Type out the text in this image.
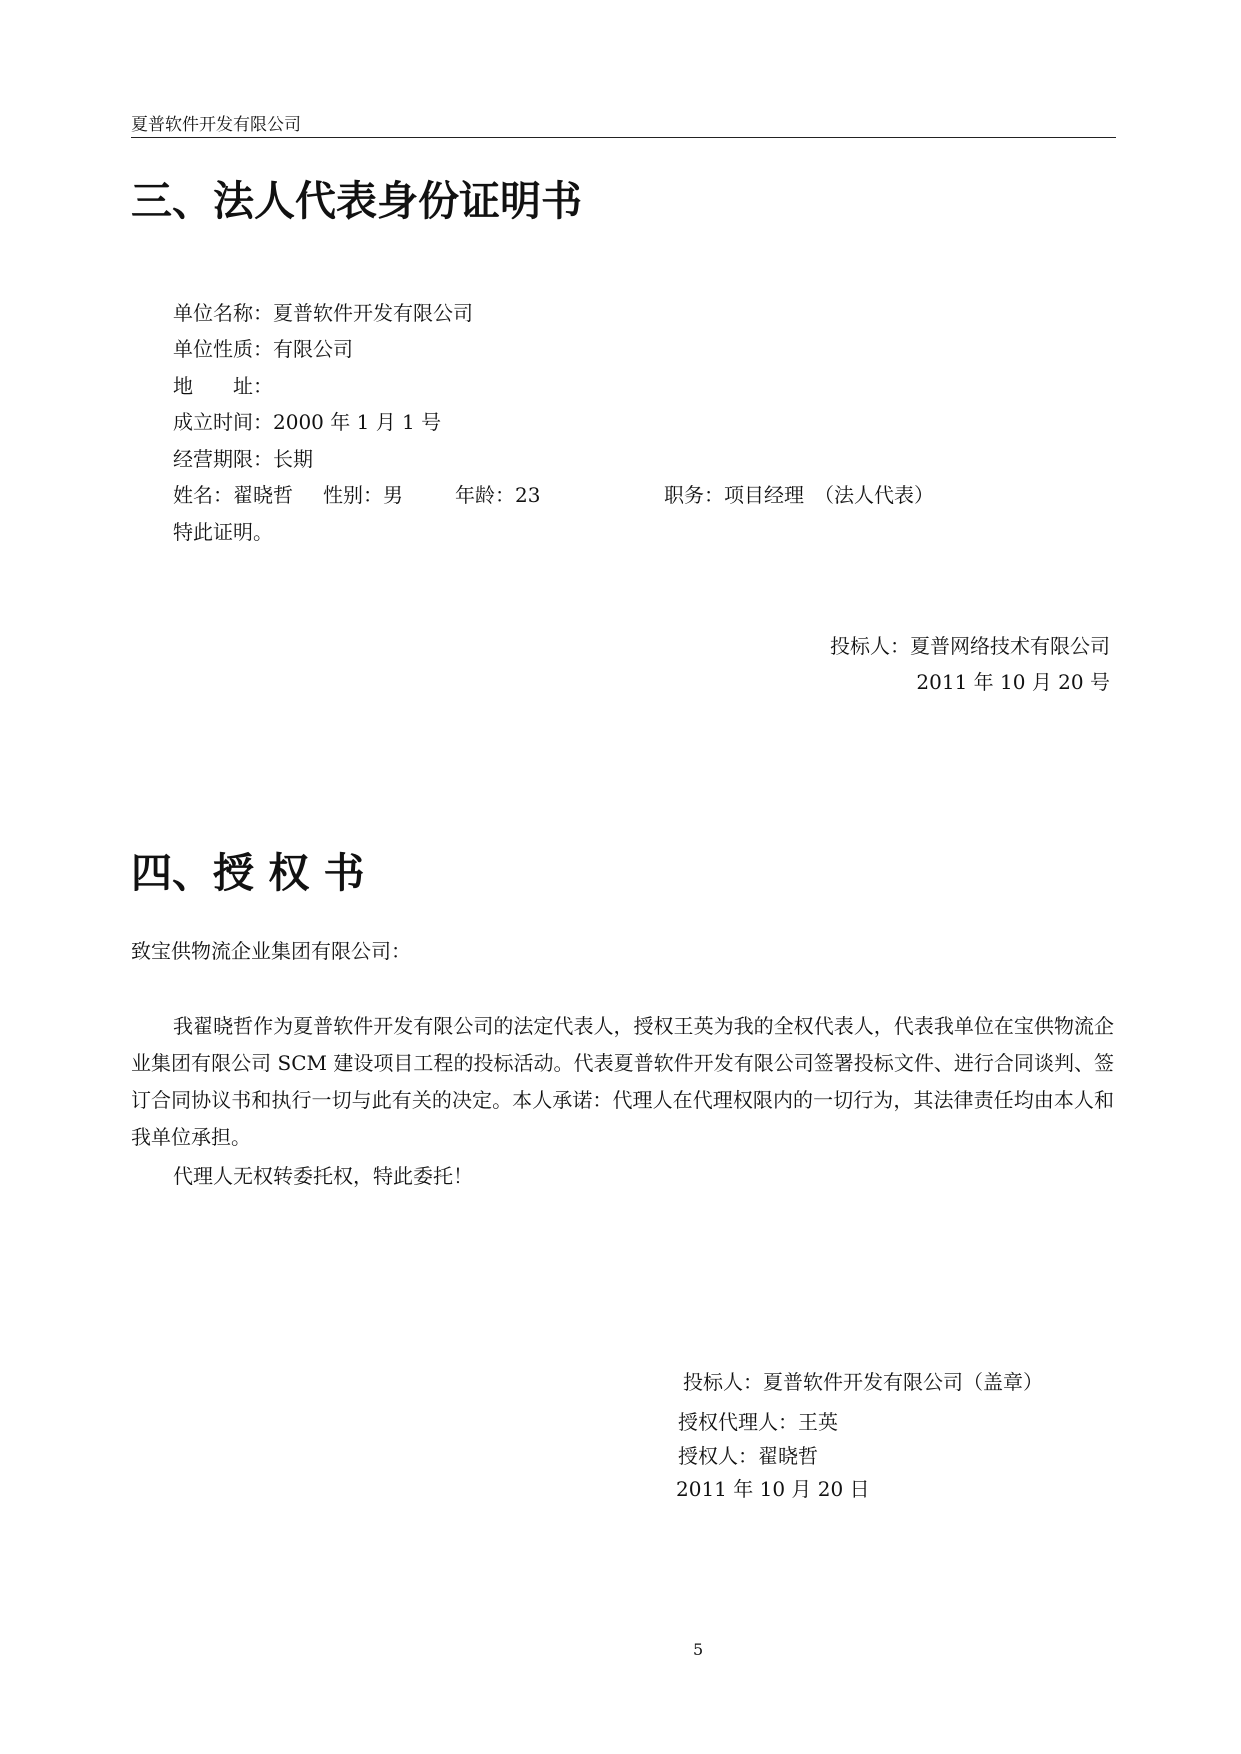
夏普软件开发有限公司
三、法人代表身份证明书
单位名称：夏普软件开发有限公司
单位性质：有限公司
地　　址：
成立时间：2000 年 1 月 1 号
经营期限：长期
姓名：翟晓哲 性别：男	年龄：23	职务：项目经理　（法人代表）
特此证明。
投标人：夏普网络技术有限公司
2011 年 10 月 20 号
四、授 权 书
致宝供物流企业集团有限公司：
我翟晓哲作为夏普软件开发有限公司的法定代表人，授权王英为我的全权代表人，代表我单位在宝供物流企业集团有限公司 SCM 建设项目工程的投标活动。代表夏普软件开发有限公司签署投标文件、进行合同谈判、签订合同协议书和执行一切与此有关的决定。本人承诺：代理人在代理权限内的一切行为，其法律责任均由本人和我单位承担。
代理人无权转委托权，特此委托！
投标人：夏普软件开发有限公司（盖章）
授权代理人：王英
授权人：翟晓哲
2011 年 10 月 20 日
5
